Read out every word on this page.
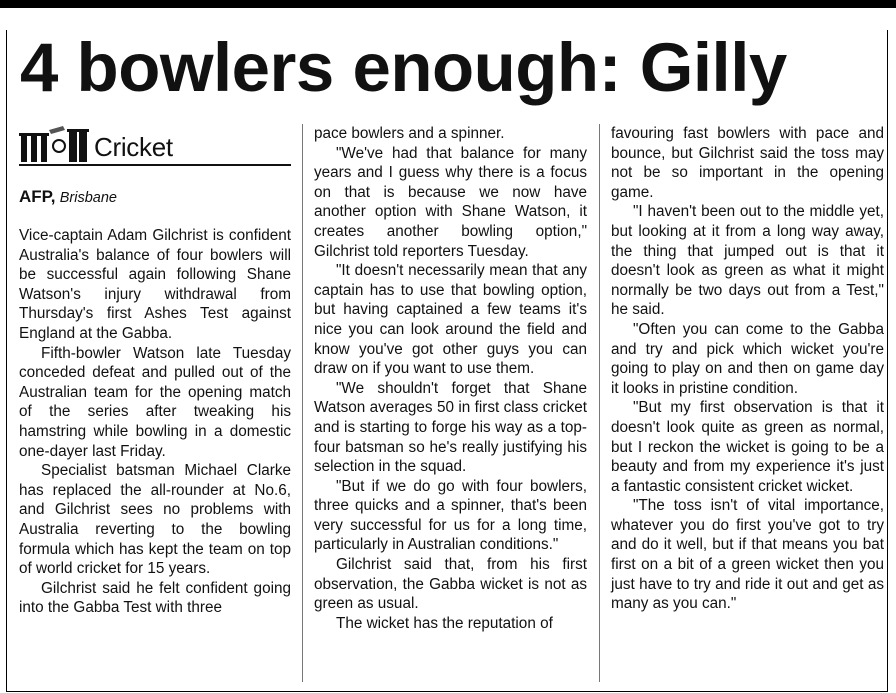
4 bowlers enough: Gilly
Cricket
AFP, Brisbane

Vice-captain Adam Gilchrist is confident Australia's balance of four bowlers will be successful again following Shane Watson's injury withdrawal from Thursday's first Ashes Test against England at the Gabba.

Fifth-bowler Watson late Tuesday conceded defeat and pulled out of the Australian team for the opening match of the series after tweaking his hamstring while bowling in a domestic one-dayer last Friday.

Specialist batsman Michael Clarke has replaced the all-rounder at No.6, and Gilchrist sees no problems with Australia reverting to the bowling formula which has kept the team on top of world cricket for 15 years.

Gilchrist said he felt confident going into the Gabba Test with three

pace bowlers and a spinner.

"We've had that balance for many years and I guess why there is a focus on that is because we now have another option with Shane Watson, it creates another bowling option," Gilchrist told reporters Tuesday.

"It doesn't necessarily mean that any captain has to use that bowling option, but having captained a few teams it's nice you can look around the field and know you've got other guys you can draw on if you want to use them.

"We shouldn't forget that Shane Watson averages 50 in first class cricket and is starting to forge his way as a top-four batsman so he's really justifying his selection in the squad.

"But if we do go with four bowlers, three quicks and a spinner, that's been very successful for us for a long time, particularly in Australian conditions."

Gilchrist said that, from his first observation, the Gabba wicket is not as green as usual.

The wicket has the reputation of

favouring fast bowlers with pace and bounce, but Gilchrist said the toss may not be so important in the opening game.

"I haven't been out to the middle yet, but looking at it from a long way away, the thing that jumped out is that it doesn't look as green as what it might normally be two days out from a Test," he said.

"Often you can come to the Gabba and try and pick which wicket you're going to play on and then on game day it looks in pristine condition.

"But my first observation is that it doesn't look quite as green as normal, but I reckon the wicket is going to be a beauty and from my experience it's just a fantastic consistent cricket wicket.

"The toss isn't of vital importance, whatever you do first you've got to try and do it well, but if that means you bat first on a bit of a green wicket then you just have to try and ride it out and get as many as you can."
